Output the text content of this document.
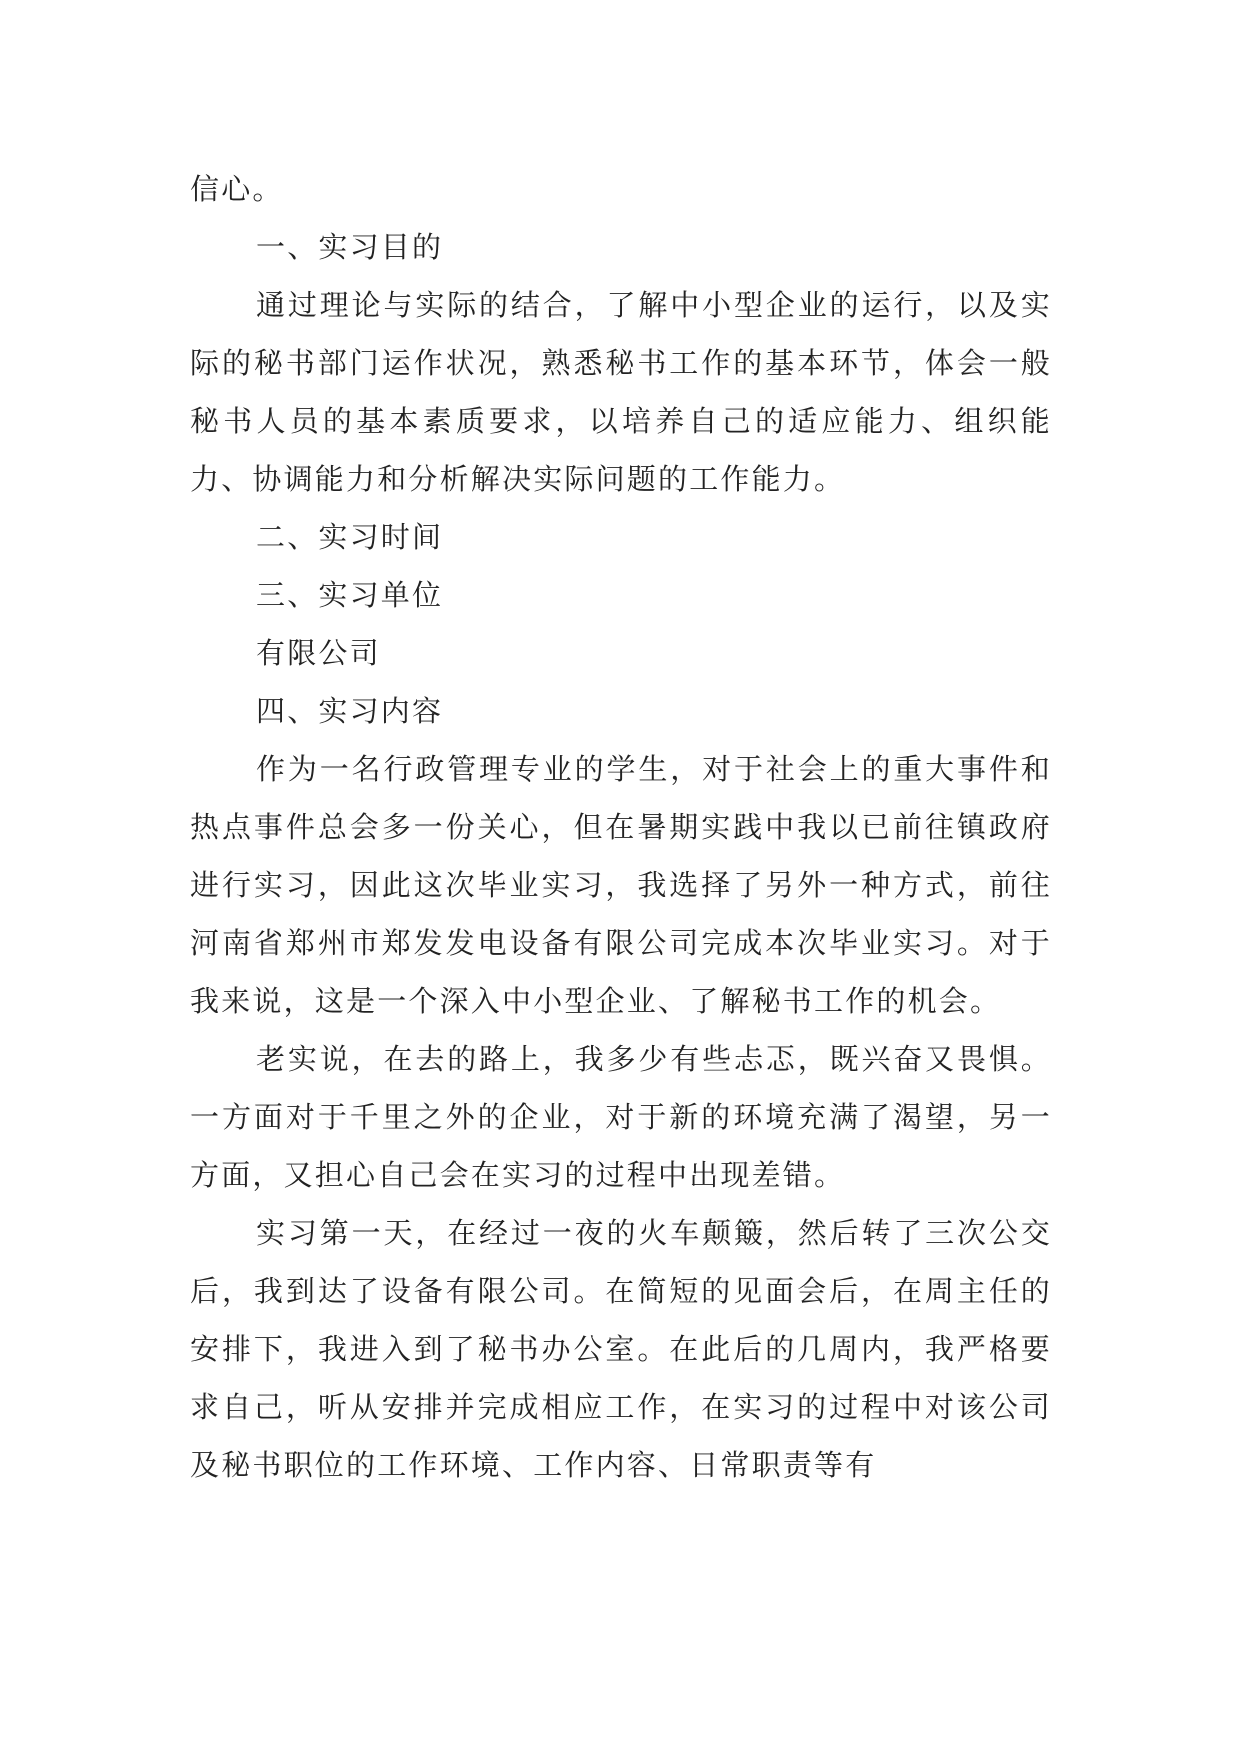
信心。

一、实习目的

通过理论与实际的结合，了解中小型企业的运行，以及实际的秘书部门运作状况，熟悉秘书工作的基本环节，体会一般秘书人员的基本素质要求，以培养自己的适应能力、组织能力、协调能力和分析解决实际问题的工作能力。

二、实习时间

三、实习单位

有限公司

四、实习内容

作为一名行政管理专业的学生，对于社会上的重大事件和热点事件总会多一份关心，但在暑期实践中我以已前往镇政府进行实习，因此这次毕业实习，我选择了另外一种方式，前往河南省郑州市郑发发电设备有限公司完成本次毕业实习。对于我来说，这是一个深入中小型企业、了解秘书工作的机会。

老实说，在去的路上，我多少有些忐忑，既兴奋又畏惧。一方面对于千里之外的企业，对于新的环境充满了渴望，另一方面，又担心自己会在实习的过程中出现差错。

实习第一天，在经过一夜的火车颠簸，然后转了三次公交后，我到达了设备有限公司。在简短的见面会后，在周主任的安排下，我进入到了秘书办公室。在此后的几周内，我严格要求自己，听从安排并完成相应工作，在实习的过程中对该公司及秘书职位的工作环境、工作内容、日常职责等有
